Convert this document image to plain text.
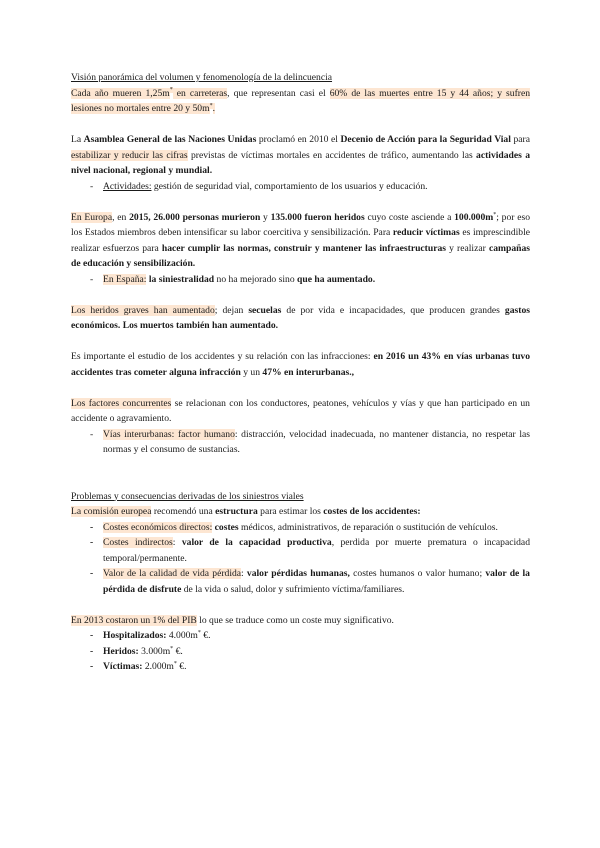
Visión panorámica del volumen y fenomenología de la delincuencia

Cada año mueren 1,25m* en carreteras, que representan casi el 60% de las muertes entre 15 y 44 años; y sufren lesiones no mortales entre 20 y 50m*.

La Asamblea General de las Naciones Unidas proclamó en 2010 el Decenio de Acción para la Seguridad Vial para estabilizar y reducir las cifras previstas de víctimas mortales en accidentes de tráfico, aumentando las actividades a nivel nacional, regional y mundial.

- Actividades: gestión de seguridad vial, comportamiento de los usuarios y educación.

En Europa, en 2015, 26.000 personas murieron y 135.000 fueron heridos cuyo coste asciende a 100.000m*; por eso los Estados miembros deben intensificar su labor coercitiva y sensibilización. Para reducir víctimas es imprescindible realizar esfuerzos para hacer cumplir las normas, construir y mantener las infraestructuras y realizar campañas de educación y sensibilización.

- En España: la siniestralidad no ha mejorado sino que ha aumentado.

Los heridos graves han aumentado; dejan secuelas de por vida e incapacidades, que producen grandes gastos económicos. Los muertos también han aumentado.

Es importante el estudio de los accidentes y su relación con las infracciones: en 2016 un 43% en vías urbanas tuvo accidentes tras cometer alguna infracción y un 47% en interurbanas.,

Los factores concurrentes se relacionan con los conductores, peatones, vehículos y vías y que han participado en un accidente o agravamiento.

- Vías interurbanas: factor humano: distracción, velocidad inadecuada, no mantener distancia, no respetar las normas y el consumo de sustancias.

Problemas y consecuencias derivadas de los siniestros viales

La comisión europea recomendó una estructura para estimar los costes de los accidentes:

- Costes económicos directos: costes médicos, administrativos, de reparación o sustitución de vehículos.
- Costes indirectos: valor de la capacidad productiva, perdida por muerte prematura o incapacidad temporal/permanente.
- Valor de la calidad de vida pérdida: valor pérdidas humanas, costes humanos o valor humano; valor de la pérdida de disfrute de la vida o salud, dolor y sufrimiento víctima/familiares.

En 2013 costaron un 1% del PIB lo que se traduce como un coste muy significativo.

- Hospitalizados: 4.000m* €.
- Heridos: 3.000m* €.
- Víctimas: 2.000m* €.
